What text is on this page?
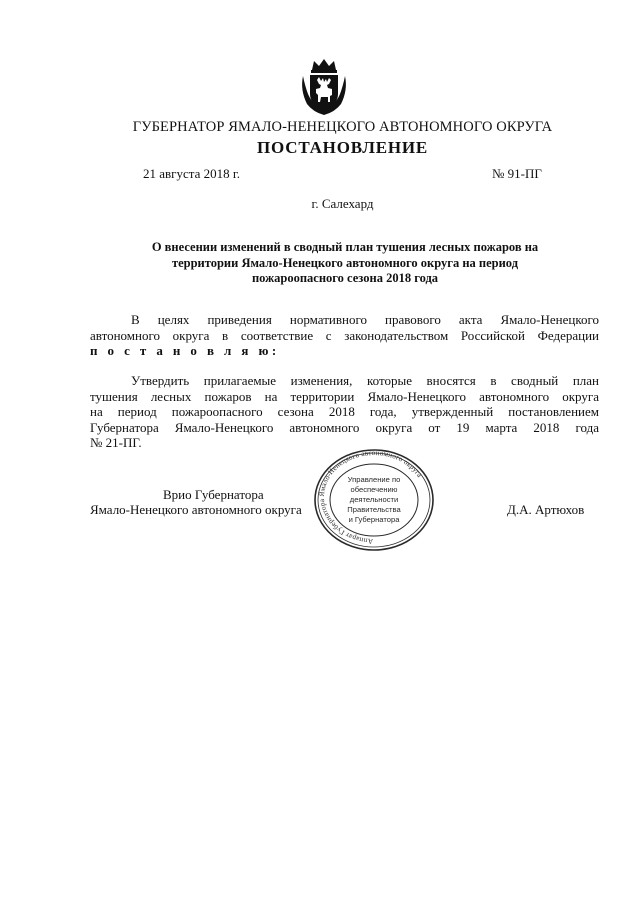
ГУБЕРНАТОР ЯМАЛО-НЕНЕЦКОГО АВТОНОМНОГО ОКРУГА
ПОСТАНОВЛЕНИЕ
21 августа 2018 г.	№ 91-ПГ
г. Салехард
О внесении изменений в сводный план тушения лесных пожаров на
территории Ямало-Ненецкого автономного округа на период
пожароопасного сезона 2018 года
В целях приведения нормативного правового акта Ямало-Ненецкого
автономного округа в соответствие с законодательством Российской Федерации
п о с т а н о в л я ю:
Утвердить прилагаемые изменения, которые вносятся в сводный план
тушения лесных пожаров на территории Ямало-Ненецкого автономного округа
на период пожароопасного сезона 2018 года, утвержденный постановлением
Губернатора Ямало-Ненецкого автономного округа от 19 марта 2018 года
№ 21-ПГ.
Врио Губернатора
Ямало-Ненецкого автономного округа	Д.А. Артюхов
Аппарат Губернатора Ямало-Ненецкого автономного округа
Управление по
обеспечению
деятельности
Правительства
и Губернатора
